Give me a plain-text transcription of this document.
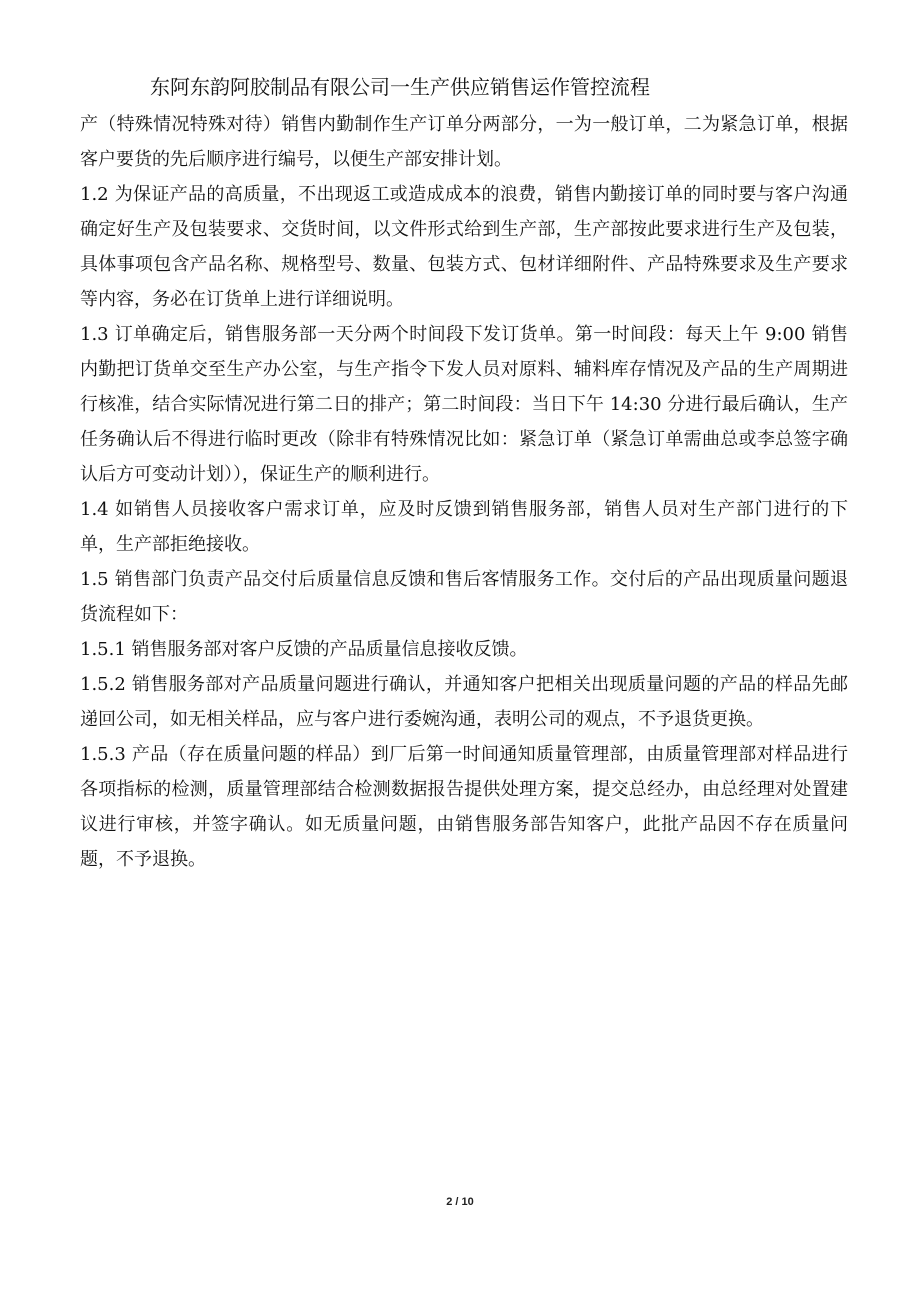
东阿东韵阿胶制品有限公司一生产供应销售运作管控流程

产（特殊情况特殊对待）销售内勤制作生产订单分两部分，一为一般订单，二为紧急订单，根据客户要货的先后顺序进行编号，以便生产部安排计划。

1.2 为保证产品的高质量，不出现返工或造成成本的浪费，销售内勤接订单的同时要与客户沟通确定好生产及包装要求、交货时间，以文件形式给到生产部，生产部按此要求进行生产及包装，具体事项包含产品名称、规格型号、数量、包装方式、包材详细附件、产品特殊要求及生产要求等内容，务必在订货单上进行详细说明。

1.3 订单确定后，销售服务部一天分两个时间段下发订货单。第一时间段：每天上午 9:00 销售内勤把订货单交至生产办公室，与生产指令下发人员对原料、辅料库存情况及产品的生产周期进行核准，结合实际情况进行第二日的排产；第二时间段：当日下午 14:30 分进行最后确认，生产任务确认后不得进行临时更改（除非有特殊情况比如：紧急订单（紧急订单需曲总或李总签字确认后方可变动计划）），保证生产的顺利进行。

1.4 如销售人员接收客户需求订单，应及时反馈到销售服务部，销售人员对生产部门进行的下单，生产部拒绝接收。

1.5 销售部门负责产品交付后质量信息反馈和售后客情服务工作。交付后的产品出现质量问题退货流程如下：

1.5.1 销售服务部对客户反馈的产品质量信息接收反馈。

1.5.2 销售服务部对产品质量问题进行确认，并通知客户把相关出现质量问题的产品的样品先邮递回公司，如无相关样品，应与客户进行委婉沟通，表明公司的观点，不予退货更换。

1.5.3 产品（存在质量问题的样品）到厂后第一时间通知质量管理部，由质量管理部对样品进行各项指标的检测，质量管理部结合检测数据报告提供处理方案，提交总经办，由总经理对处置建议进行审核，并签字确认。如无质量问题，由销售服务部告知客户，此批产品因不存在质量问题，不予退换。

2 / 10
